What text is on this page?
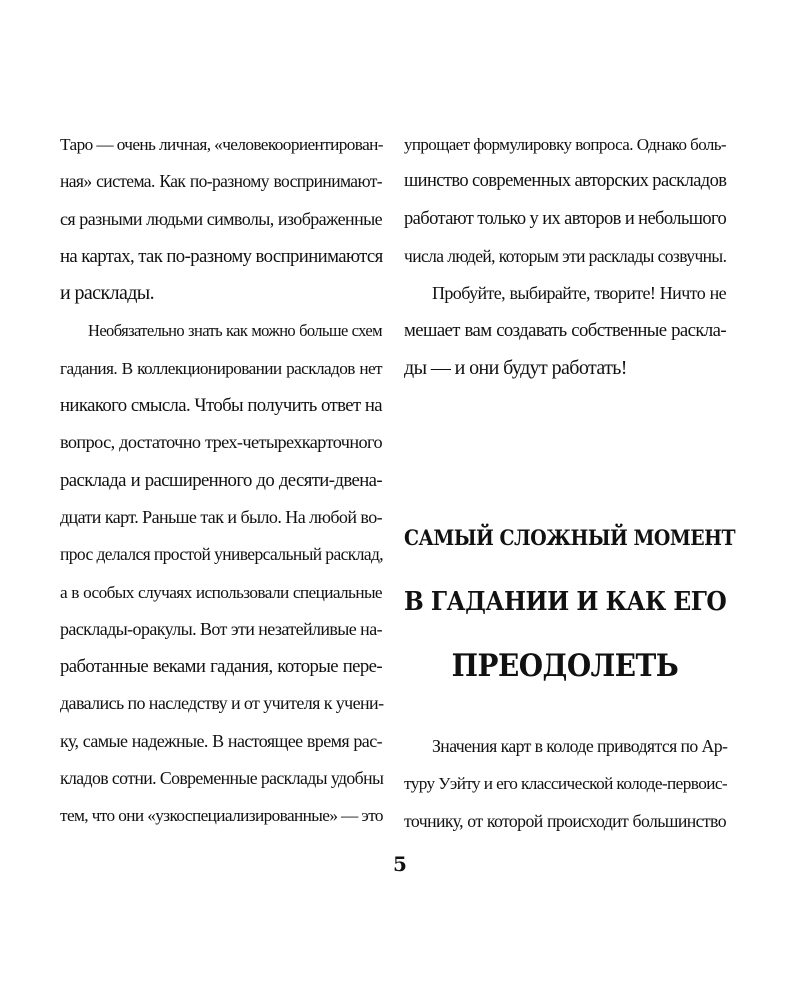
Таро — очень личная, «человекоориентирован-
ная» система. Как по-разному воспринимают-
ся разными людьми символы, изображенные
на картах, так по-разному воспринимаются
и расклады.
Необязательно знать как можно больше схем
гадания. В коллекционировании раскладов нет
никакого смысла. Чтобы получить ответ на
вопрос, достаточно трех-четырехкарточного
расклада и расширенного до десяти-двена-
дцати карт. Раньше так и было. На любой во-
прос делался простой универсальный расклад,
а в особых случаях использовали специальные
расклады-оракулы. Вот эти незатейливые на-
работанные веками гадания, которые пере-
давались по наследству и от учителя к учени-
ку, самые надежные. В настоящее время рас-
кладов сотни. Современные расклады удобны
тем, что они «узкоспециализированные» — это
упрощает формулировку вопроса. Однако боль-
шинство современных авторских раскладов
работают только у их авторов и небольшого
числа людей, которым эти расклады созвучны.
Пробуйте, выбирайте, творите! Ничто не
мешает вам создавать собственные раскла-
ды — и они будут работать!
САМЫЙ СЛОЖНЫЙ МОМЕНТ
В ГАДАНИИ И КАК ЕГО
ПРЕОДОЛЕТЬ
Значения карт в колоде приводятся по Ар-
туру Уэйту и его классической колоде-первоис-
точнику, от которой происходит большинство
5
